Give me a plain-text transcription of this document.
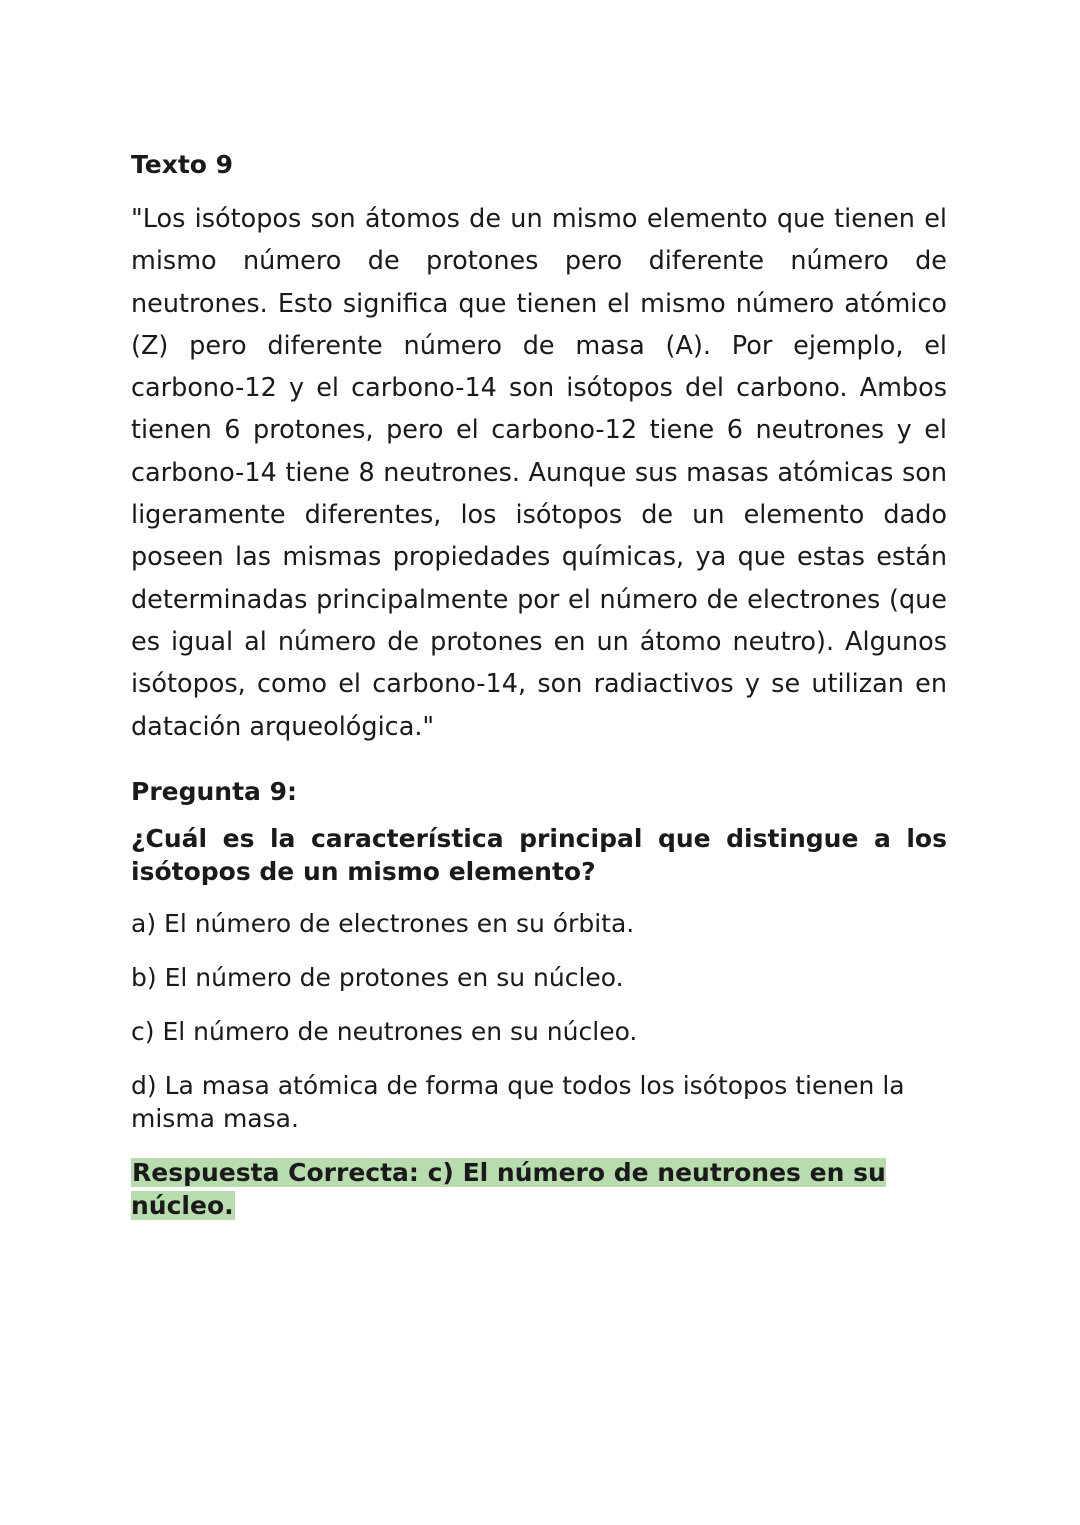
Texto 9

"Los isótopos son átomos de un mismo elemento que tienen el mismo número de protones pero diferente número de neutrones. Esto significa que tienen el mismo número atómico (Z) pero diferente número de masa (A). Por ejemplo, el carbono-12 y el carbono-14 son isótopos del carbono. Ambos tienen 6 protones, pero el carbono-12 tiene 6 neutrones y el carbono-14 tiene 8 neutrones. Aunque sus masas atómicas son ligeramente diferentes, los isótopos de un elemento dado poseen las mismas propiedades químicas, ya que estas están determinadas principalmente por el número de electrones (que es igual al número de protones en un átomo neutro). Algunos isótopos, como el carbono-14, son radiactivos y se utilizan en datación arqueológica."

Pregunta 9:
¿Cuál es la característica principal que distingue a los isótopos de un mismo elemento?
a) El número de electrones en su órbita.
b) El número de protones en su núcleo.
c) El número de neutrones en su núcleo.
d) La masa atómica de forma que todos los isótopos tienen la misma masa.

Respuesta Correcta: c) El número de neutrones en su núcleo.
